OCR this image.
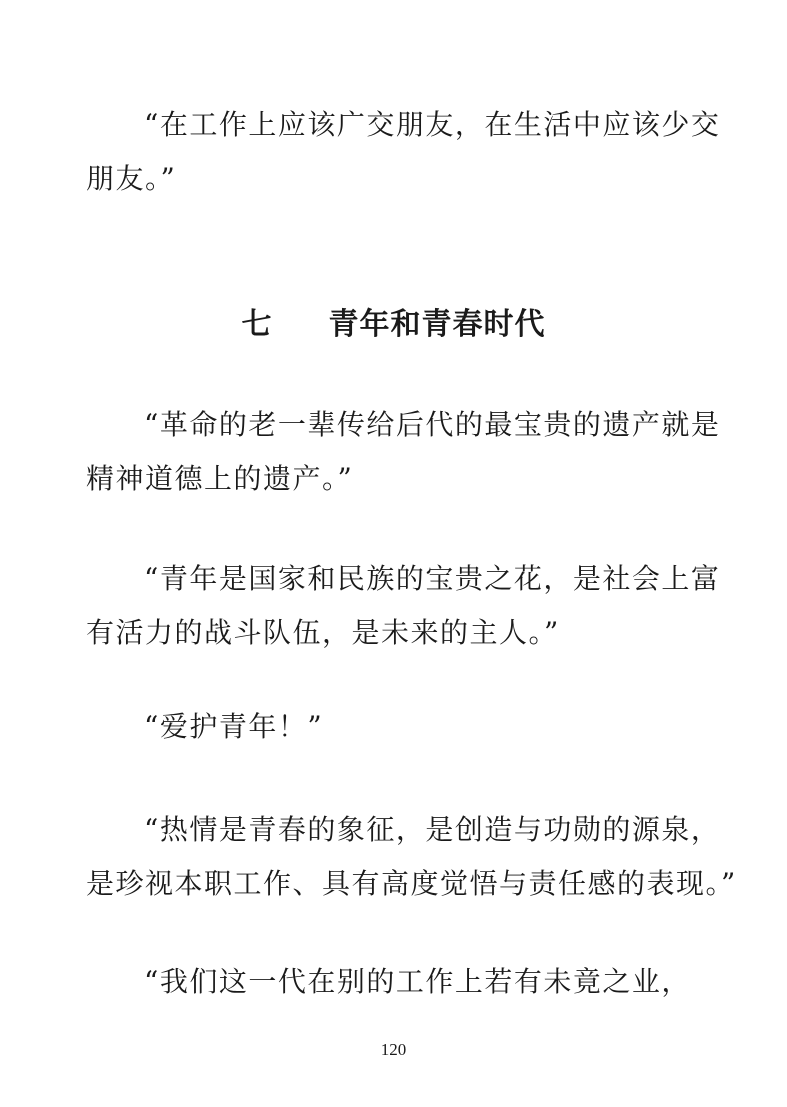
“在工作上应该广交朋友，在生活中应该少交
朋友。”
七 青年和青春时代
“革命的老一辈传给后代的最宝贵的遗产就是
精神道德上的遗产。”
“青年是国家和民族的宝贵之花，是社会上富
有活力的战斗队伍，是未来的主人。”
“爱护青年！”
“热情是青春的象征，是创造与功勋的源泉，
是珍视本职工作、具有高度觉悟与责任感的表现。”
“我们这一代在别的工作上若有未竟之业，
120
